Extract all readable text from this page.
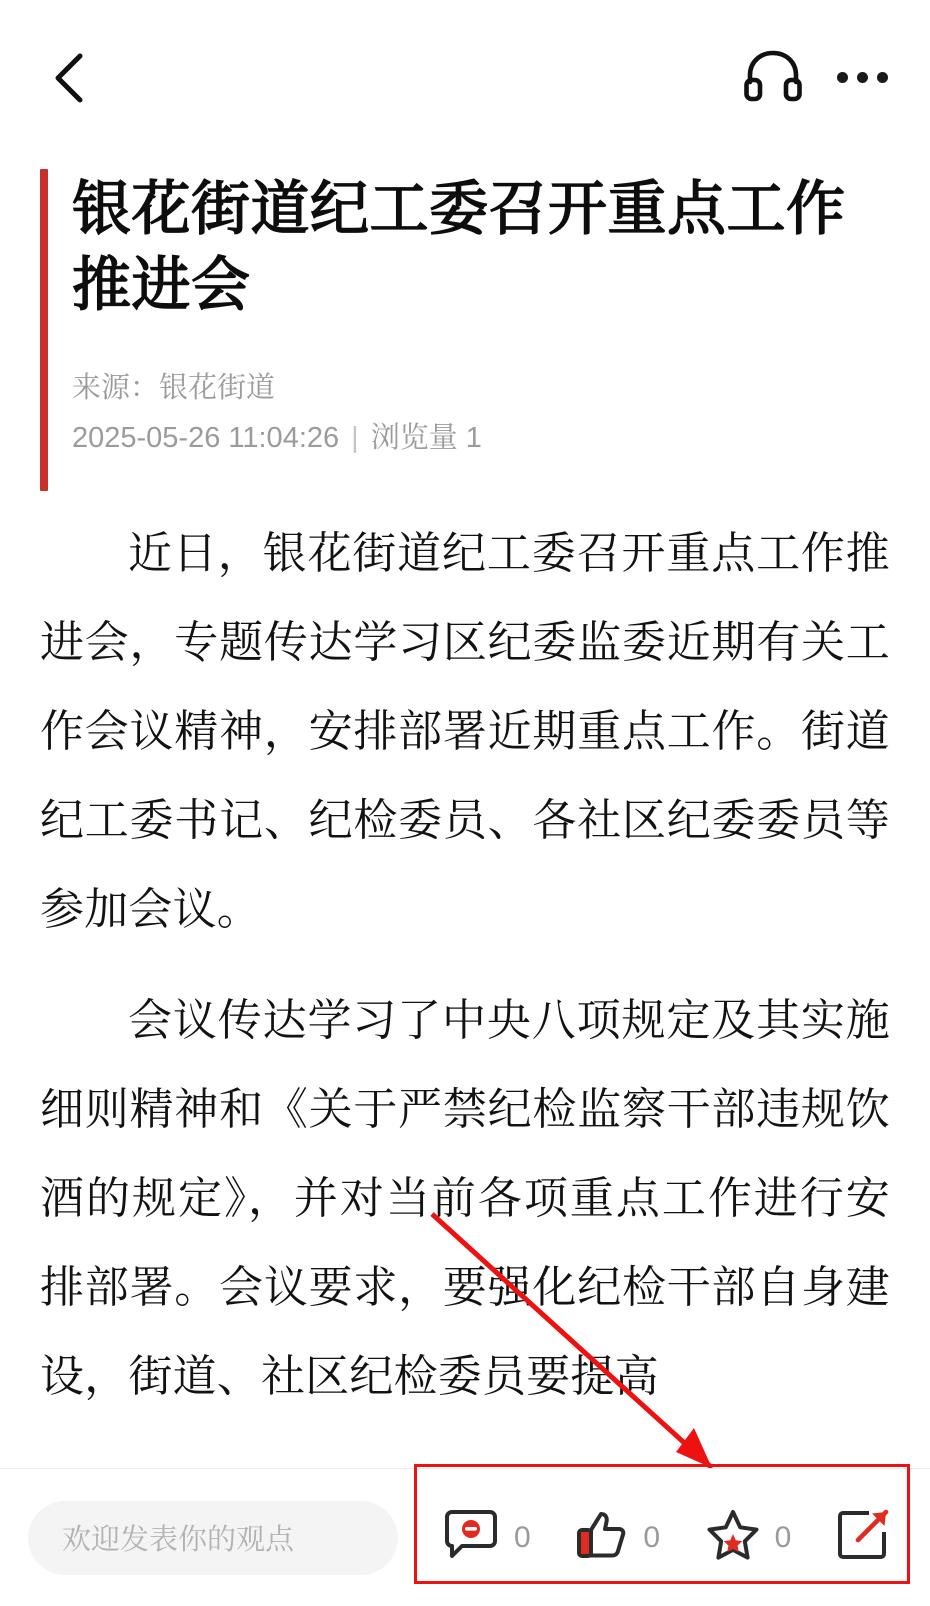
银花街道纪工委召开重点工作推进会
来源：银花街道
2025-05-26 11:04:26 | 浏览量 1

近日，银花街道纪工委召开重点工作推进会，专题传达学习区纪委监委近期有关工作会议精神，安排部署近期重点工作。街道纪工委书记、纪检委员、各社区纪委委员等参加会议。

会议传达学习了中央八项规定及其实施细则精神和《关于严禁纪检监察干部违规饮酒的规定》，并对当前各项重点工作进行安排部署。会议要求，要强化纪检干部自身建设，街道、社区纪检委员要提高

欢迎发表你的观点	0	0	0
